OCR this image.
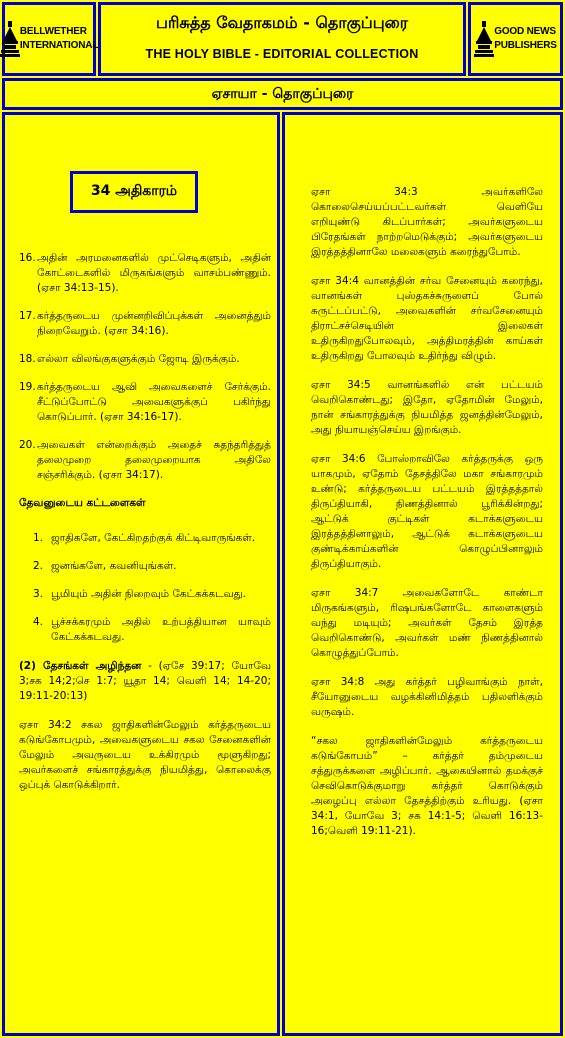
BELLWETHER
INTERNATIONAL
பரிசுத்த வேதாகமம் - தொகுப்புரை
THE HOLY BIBLE - EDITORIAL COLLECTION
GOOD NEWS
PUBLISHERS
ஏசாயா - தொகுப்புரை
34 அதிகாரம்
16. அதின் அரமனைகளில் முட்செடிகளும், அதின் கோட்டைகளில் மிருகங்களும் வாசம்பண்ணும். (ஏசா 34:13-15).
17. கர்த்தருடைய முன்னறிவிப்புக்கள் அனைத்தும் நிறைவேறும். (ஏசா 34:16).
18. எல்லா விலங்குகளுக்கும் ஜோடி இருக்கும்.
19. கர்த்தருடைய ஆவி அவைகளைச் சேர்க்கும். சீட்டுப்போட்டு அவைகளுக்குப் பகிர்ந்து கொடுப்பார். (ஏசா 34:16-17).
20. அவைகள் என்றைக்கும் அதைச் சுதந்தரித்துத் தலைமுறை தலைமுறையாக அதிலே சஞ்சரிக்கும். (ஏசா 34:17).
தேவனுடைய கட்டளைகள்
1. ஜாதிகளே, கேட்கிறதற்குக் கிட்டிவாருங்கள்.
2. ஜனங்களே, கவனியுங்கள்.
3. பூமியும் அதின் நிறைவும் கேட்கக்கடவது.
4. பூச்சக்கரமும் அதில் உற்பத்தியான யாவும் கேட்கக்கடவது.
(2) தேசங்கள் அழிந்தன - (ஏசே 39:17; யோவே 3;சக 14;2;செ 1:7; யூதா 14; வெளி 14; 14-20; 19:11-20:13)
ஏசா 34:2 சகல ஜாதிகளின்மேலும் கர்த்தருடைய கடுங்கோபமும், அவைகளுடைய சகல சேனைகளின் மேலும் அவருடைய உக்கிரமும் மூளுகிறது; அவர்களைச் சங்காரத்துக்கு நியமித்து, கொலைக்கு ஒப்புக் கொடுக்கிறார்.
ஏசா 34:3 அவர்களிலே கொலைசெய்யப்பட்டவர்கள் வெளியே எறியுண்டு கிடப்பார்கள்; அவர்களுடைய பிரேதங்கள் நாற்றமெடுக்கும்; அவர்களுடைய இரத்தத்தினாலே மலைகளும் கரைந்துபோம்.
ஏசா 34:4 வானத்தின் சர்வ சேனையும் கரைந்து, வானங்கள் புஸ்தகச்சுருளைப் போல் சுருட்டப்பட்டு, அவைகளின் சர்வசேனையும் திராட்சச்செடியின் இலைகள் உதிருகிறதுபோலவும், அத்திமரத்தின் காய்கள் உதிருகிறது போலவும் உதிர்ந்து விழும்.
ஏசா 34:5 வானங்களில் என் பட்டயம் வெறிகொண்டது; இதோ, ஏதோமின் மேலும், நான் சங்காரத்துக்கு நியமித்த ஜனத்தின்மேலும், அது நியாயஞ்செய்ய இறங்கும்.
ஏசா 34:6 போஸ்றாவிலே கர்த்தருக்கு ஒரு யாகமும், ஏதோம் தேசத்திலே மகா சங்காரமும் உண்டு; கர்த்தருடைய பட்டயம் இரத்தத்தால் திருப்தியாகி, நிணத்தினால் பூரிக்கின்றது; ஆட்டுக் குட்டிகள் கடாக்களுடைய இரத்தத்தினாலும், ஆட்டுக் கடாக்களுடைய குண்டிக்காய்களின் கொழுப்பினாலும் திருப்தியாகும்.
ஏசா 34:7 அவைகளோடே காண்டா மிருகங்களும், ரிஷபங்களோடே காளைகளும் வந்து மடியும்; அவர்கள் தேசம் இரத்த வெறிகொண்டு, அவர்கள் மண் நிணத்தினால் கொழுத்துப்போம்.
ஏசா 34:8 அது கர்த்தர் பழிவாங்கும் நாள், சீயோனுடைய வழக்கினிமித்தம் பதிலளிக்கும் வருஷம்.
“சகல ஜாதிகளின்மேலும் கர்த்தருடைய கடுங்கோபம்” – கர்த்தர் தம்முடைய சத்துருக்களை அழிப்பார். ஆகையினால் தமக்குச் செவிகொடுக்குமாறு கர்த்தர் கொடுக்கும் அழைப்பு எல்லா தேசத்திற்கும் உரியது. (ஏசா 34:1, யோவே 3; சக 14:1-5; வெளி 16:13-16;வெளி 19:11-21).
